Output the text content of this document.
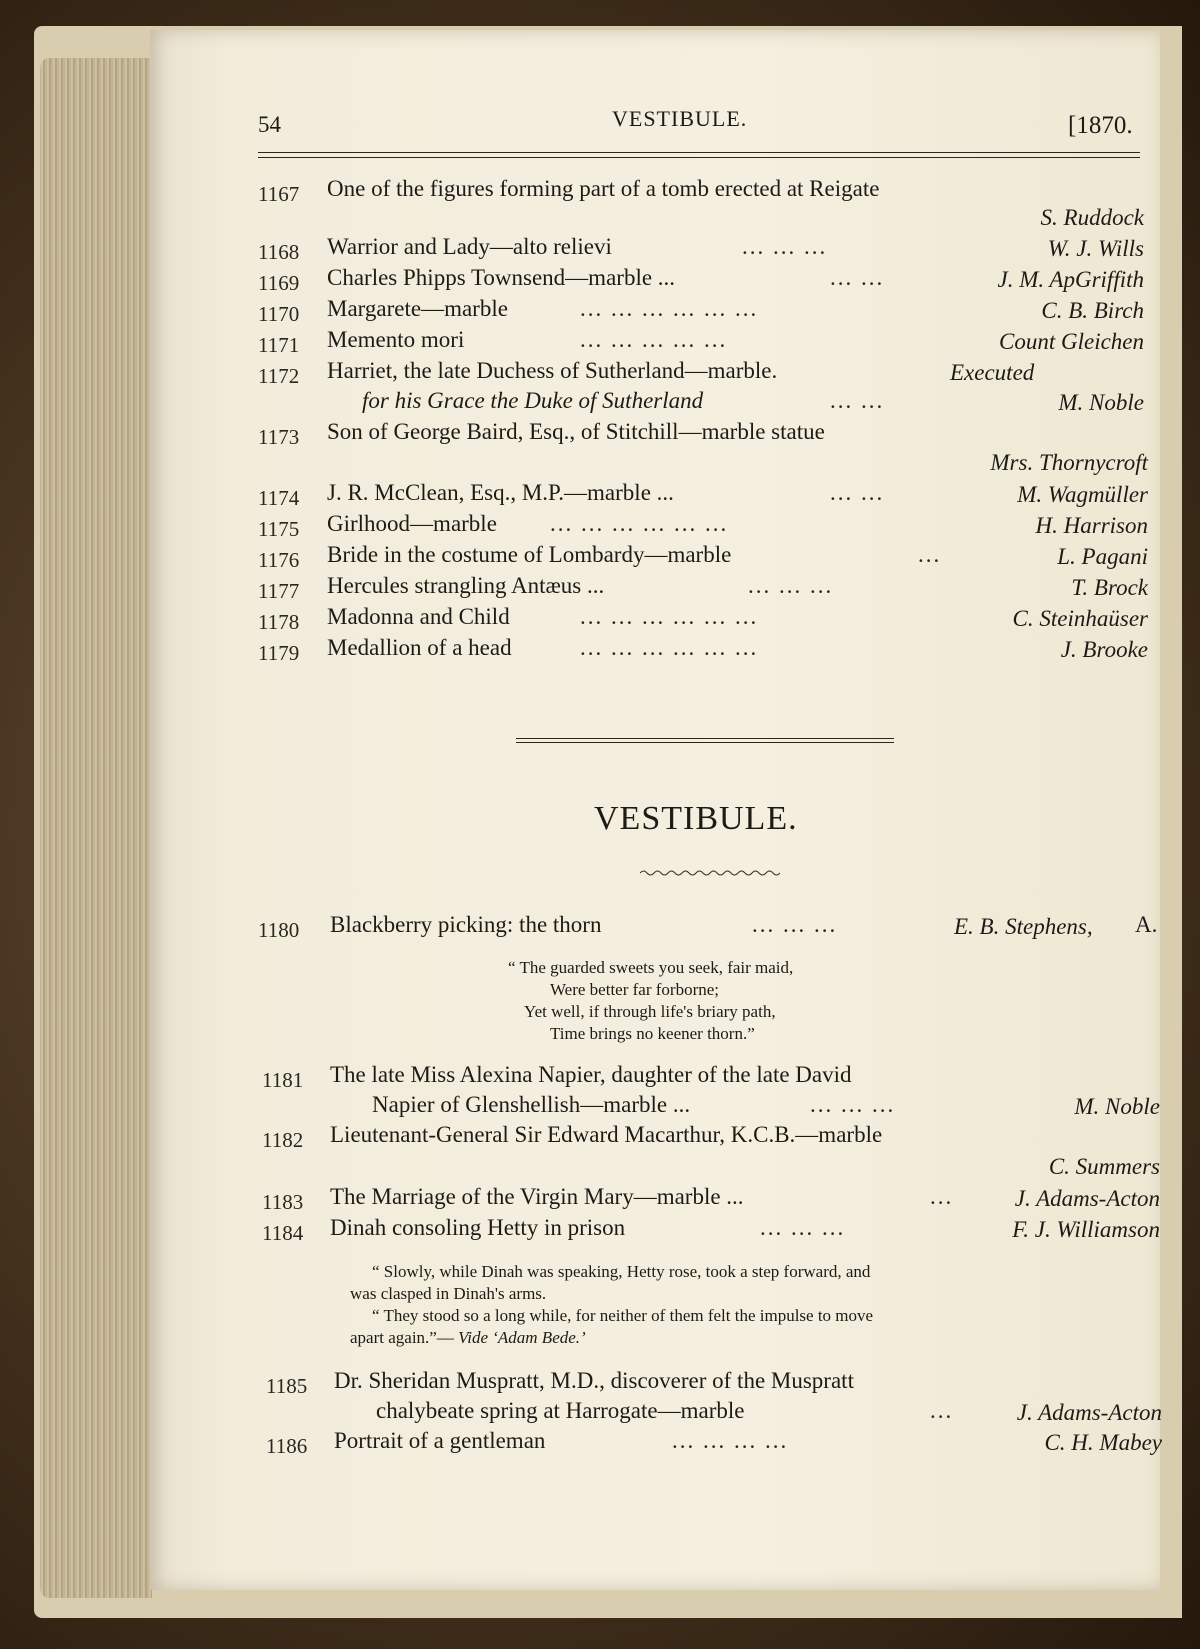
54	VESTIBULE.	[1870.
1167 One of the figures forming part of a tomb erected at Reigate
S. Ruddock
1168 Warrior and Lady—alto relievi	... ... ...	W. J. Wills
1169 Charles Phipps Townsend—marble ...	... ...	J. M. ApGriffith
1170 Margarete—marble	... ... ... ... ... ...	C. B. Birch
1171 Memento mori	... ... ... ... ...	Count Gleichen
1172 Harriet, the late Duchess of Sutherland—marble.	Executed
for his Grace the Duke of Sutherland	... ...	M. Noble
1173 Son of George Baird, Esq., of Stitchill—marble statue
Mrs. Thornycroft
1174 J. R. McClean, Esq., M.P.—marble ...	... ...	M. Wagmüller
1175 Girlhood—marble ... ... ... ... ... ...	H. Harrison
1176 Bride in the costume of Lombardy—marble	...	L. Pagani
1177 Hercules strangling Antæus ...	... ... ...	T. Brock
1178 Madonna and Child	... ... ... ... ... ...	C. Steinhaüser
1179 Medallion of a head	... ... ... ... ... ...	J. Brooke
VESTIBULE.
1180 Blackberry picking: the thorn	... ... ...	E. B. Stephens, A.
“ The guarded sweets you seek, fair maid,
Were better far forborne;
Yet well, if through life's briary path,
Time brings no keener thorn.”
1181 The late Miss Alexina Napier, daughter of the late David
Napier of Glenshellish—marble ...	... ... ...	M. Noble
1182 Lieutenant-General Sir Edward Macarthur, K.C.B.—marble
C. Summers
1183 The Marriage of the Virgin Mary—marble ...	...	J. Adams-Acton
1184 Dinah consoling Hetty in prison	... ... ...	F. J. Williamson
“ Slowly, while Dinah was speaking, Hetty rose, took a step forward, and
was clasped in Dinah's arms.
“ They stood so a long while, for neither of them felt the impulse to move
apart again.”— Vide ‘Adam Bede.’
1185 Dr. Sheridan Muspratt, M.D., discoverer of the Muspratt
chalybeate spring at Harrogate—marble	...	J. Adams-Acton
1186 Portrait of a gentleman	... ... ... ...	C. H. Mabey
